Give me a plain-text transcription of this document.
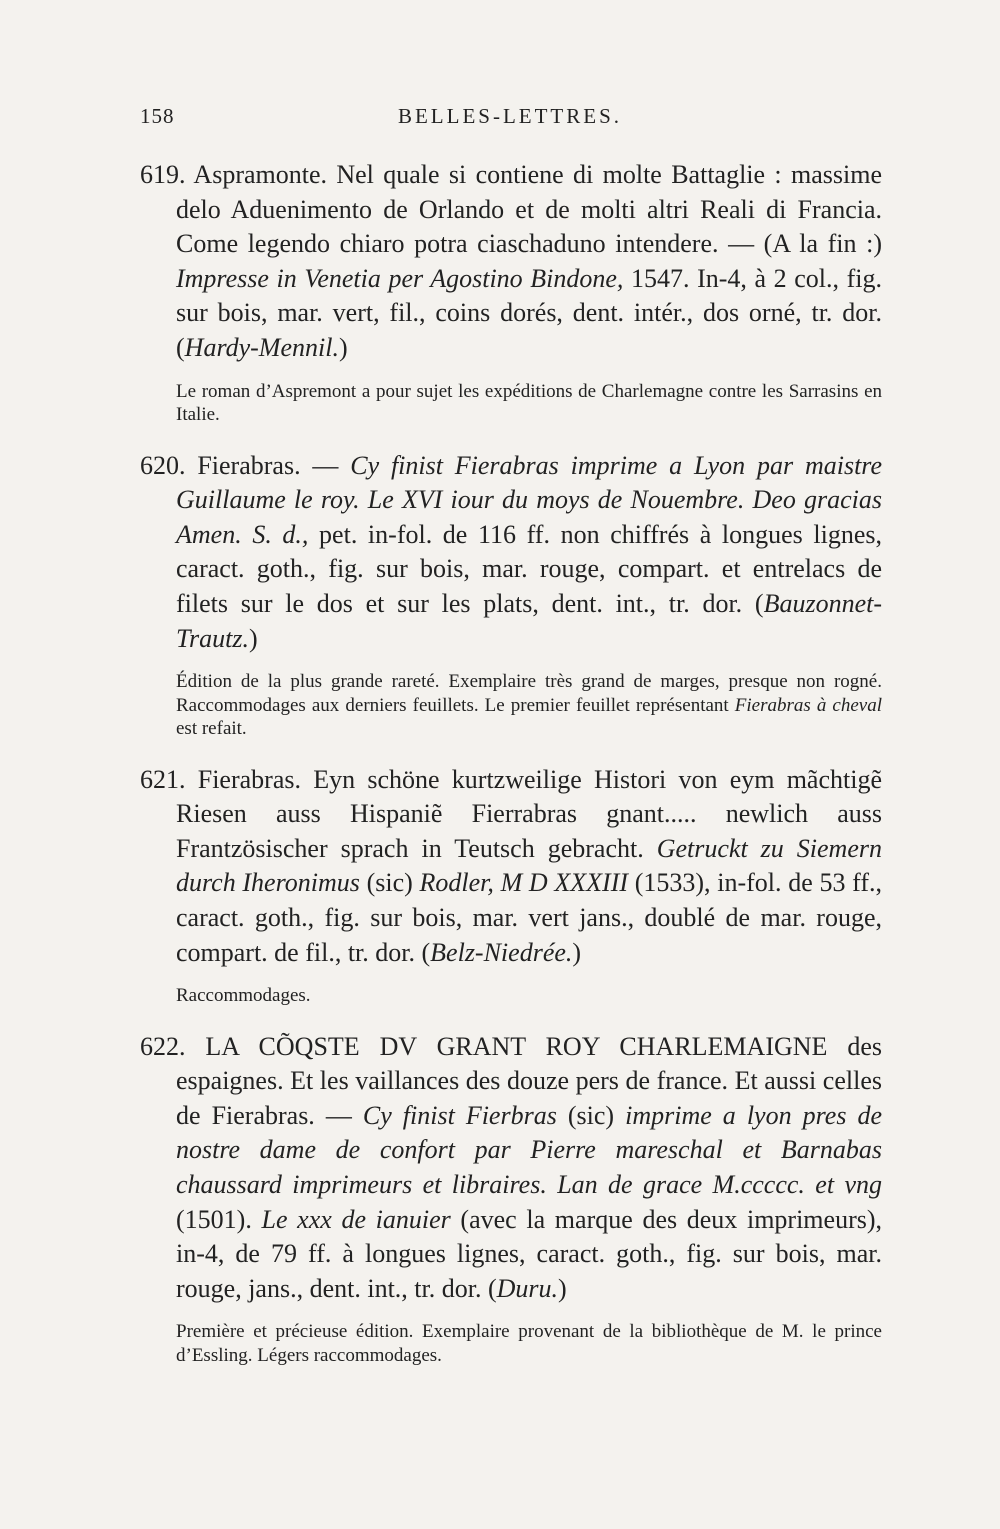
158	BELLES-LETTRES.

619. Aspramonte. Nel quale si contiene di molte Battaglie : massime delo Aduenimento de Orlando et de molti altri Reali di Francia. Come legendo chiaro potra ciaschaduno intendere. — (A la fin :) Impresse in Venetia per Agostino Bindone, 1547. In-4, à 2 col., fig. sur bois, mar. vert, fil., coins dorés, dent. intér., dos orné, tr. dor. (Hardy-Mennil.)

Le roman d’Aspremont a pour sujet les expéditions de Charlemagne contre les Sarrasins en Italie.

620. Fierabras. — Cy finist Fierabras imprime a Lyon par maistre Guillaume le roy. Le XVI iour du moys de Nouembre. Deo gracias Amen. S. d., pet. in-fol. de 116 ff. non chiffrés à longues lignes, caract. goth., fig. sur bois, mar. rouge, compart. et entrelacs de filets sur le dos et sur les plats, dent. int., tr. dor. (Bauzonnet-Trautz.)

Édition de la plus grande rareté. Exemplaire très grand de marges, presque non rogné. Raccommodages aux derniers feuillets. Le premier feuillet représentant Fierabras à cheval est refait.

621. Fierabras. Eyn schöne kurtzweilige Histori von eym mãchtigẽ Riesen auss Hispaniẽ Fierrabras gnant..... newlich auss Frantzösischer sprach in Teutsch gebracht. Getruckt zu Siemern durch Iheronimus (sic) Rodler, M D XXXIII (1533), in-fol. de 53 ff., caract. goth., fig. sur bois, mar. vert jans., doublé de mar. rouge, compart. de fil., tr. dor. (Belz-Niedrée.)

Raccommodages.

622. LA CÕQSTE DV GRANT ROY CHARLEMAIGNE des espaignes. Et les vaillances des douze pers de france. Et aussi celles de Fierabras. — Cy finist Fierbras (sic) imprime a lyon pres de nostre dame de confort par Pierre mareschal et Barnabas chaussard imprimeurs et libraires. Lan de grace M.ccccc. et vng (1501). Le xxx de ianuier (avec la marque des deux imprimeurs), in-4, de 79 ff. à longues lignes, caract. goth., fig. sur bois, mar. rouge, jans., dent. int., tr. dor. (Duru.)

Première et précieuse édition. Exemplaire provenant de la bibliothèque de M. le prince d’Essling. Légers raccommodages.
